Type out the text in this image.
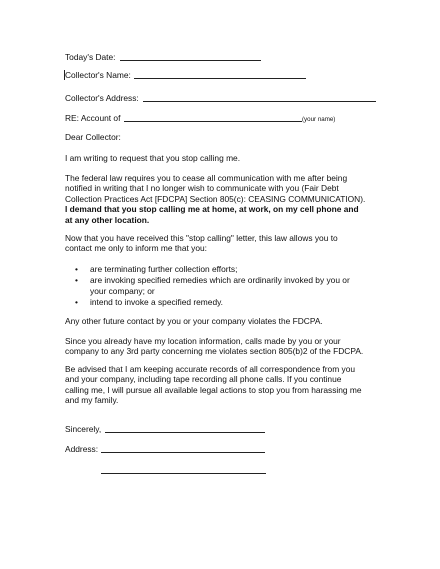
Today's Date:
Collector's Name:
Collector's Address:
RE: Account of	(your name)
Dear Collector:
I am writing to request that you stop calling me.
The federal law requires you to cease all communication with me after being
notified in writing that I no longer wish to communicate with you (Fair Debt
Collection Practices Act [FDCPA] Section 805(c): CEASING COMMUNICATION).
I demand that you stop calling me at home, at work, on my cell phone and
at any other location.
Now that you have received this "stop calling" letter, this law allows you to
contact me only to inform me that you:
• are terminating further collection efforts;
• are invoking specified remedies which are ordinarily invoked by you or
your company; or
• intend to invoke a specified remedy.
Any other future contact by you or your company violates the FDCPA.
Since you already have my location information, calls made by you or your
company to any 3rd party concerning me violates section 805(b)2 of the FDCPA.
Be advised that I am keeping accurate records of all correspondence from you
and your company, including tape recording all phone calls. If you continue
calling me, I will pursue all available legal actions to stop you from harassing me
and my family.
Sincerely,
Address:
